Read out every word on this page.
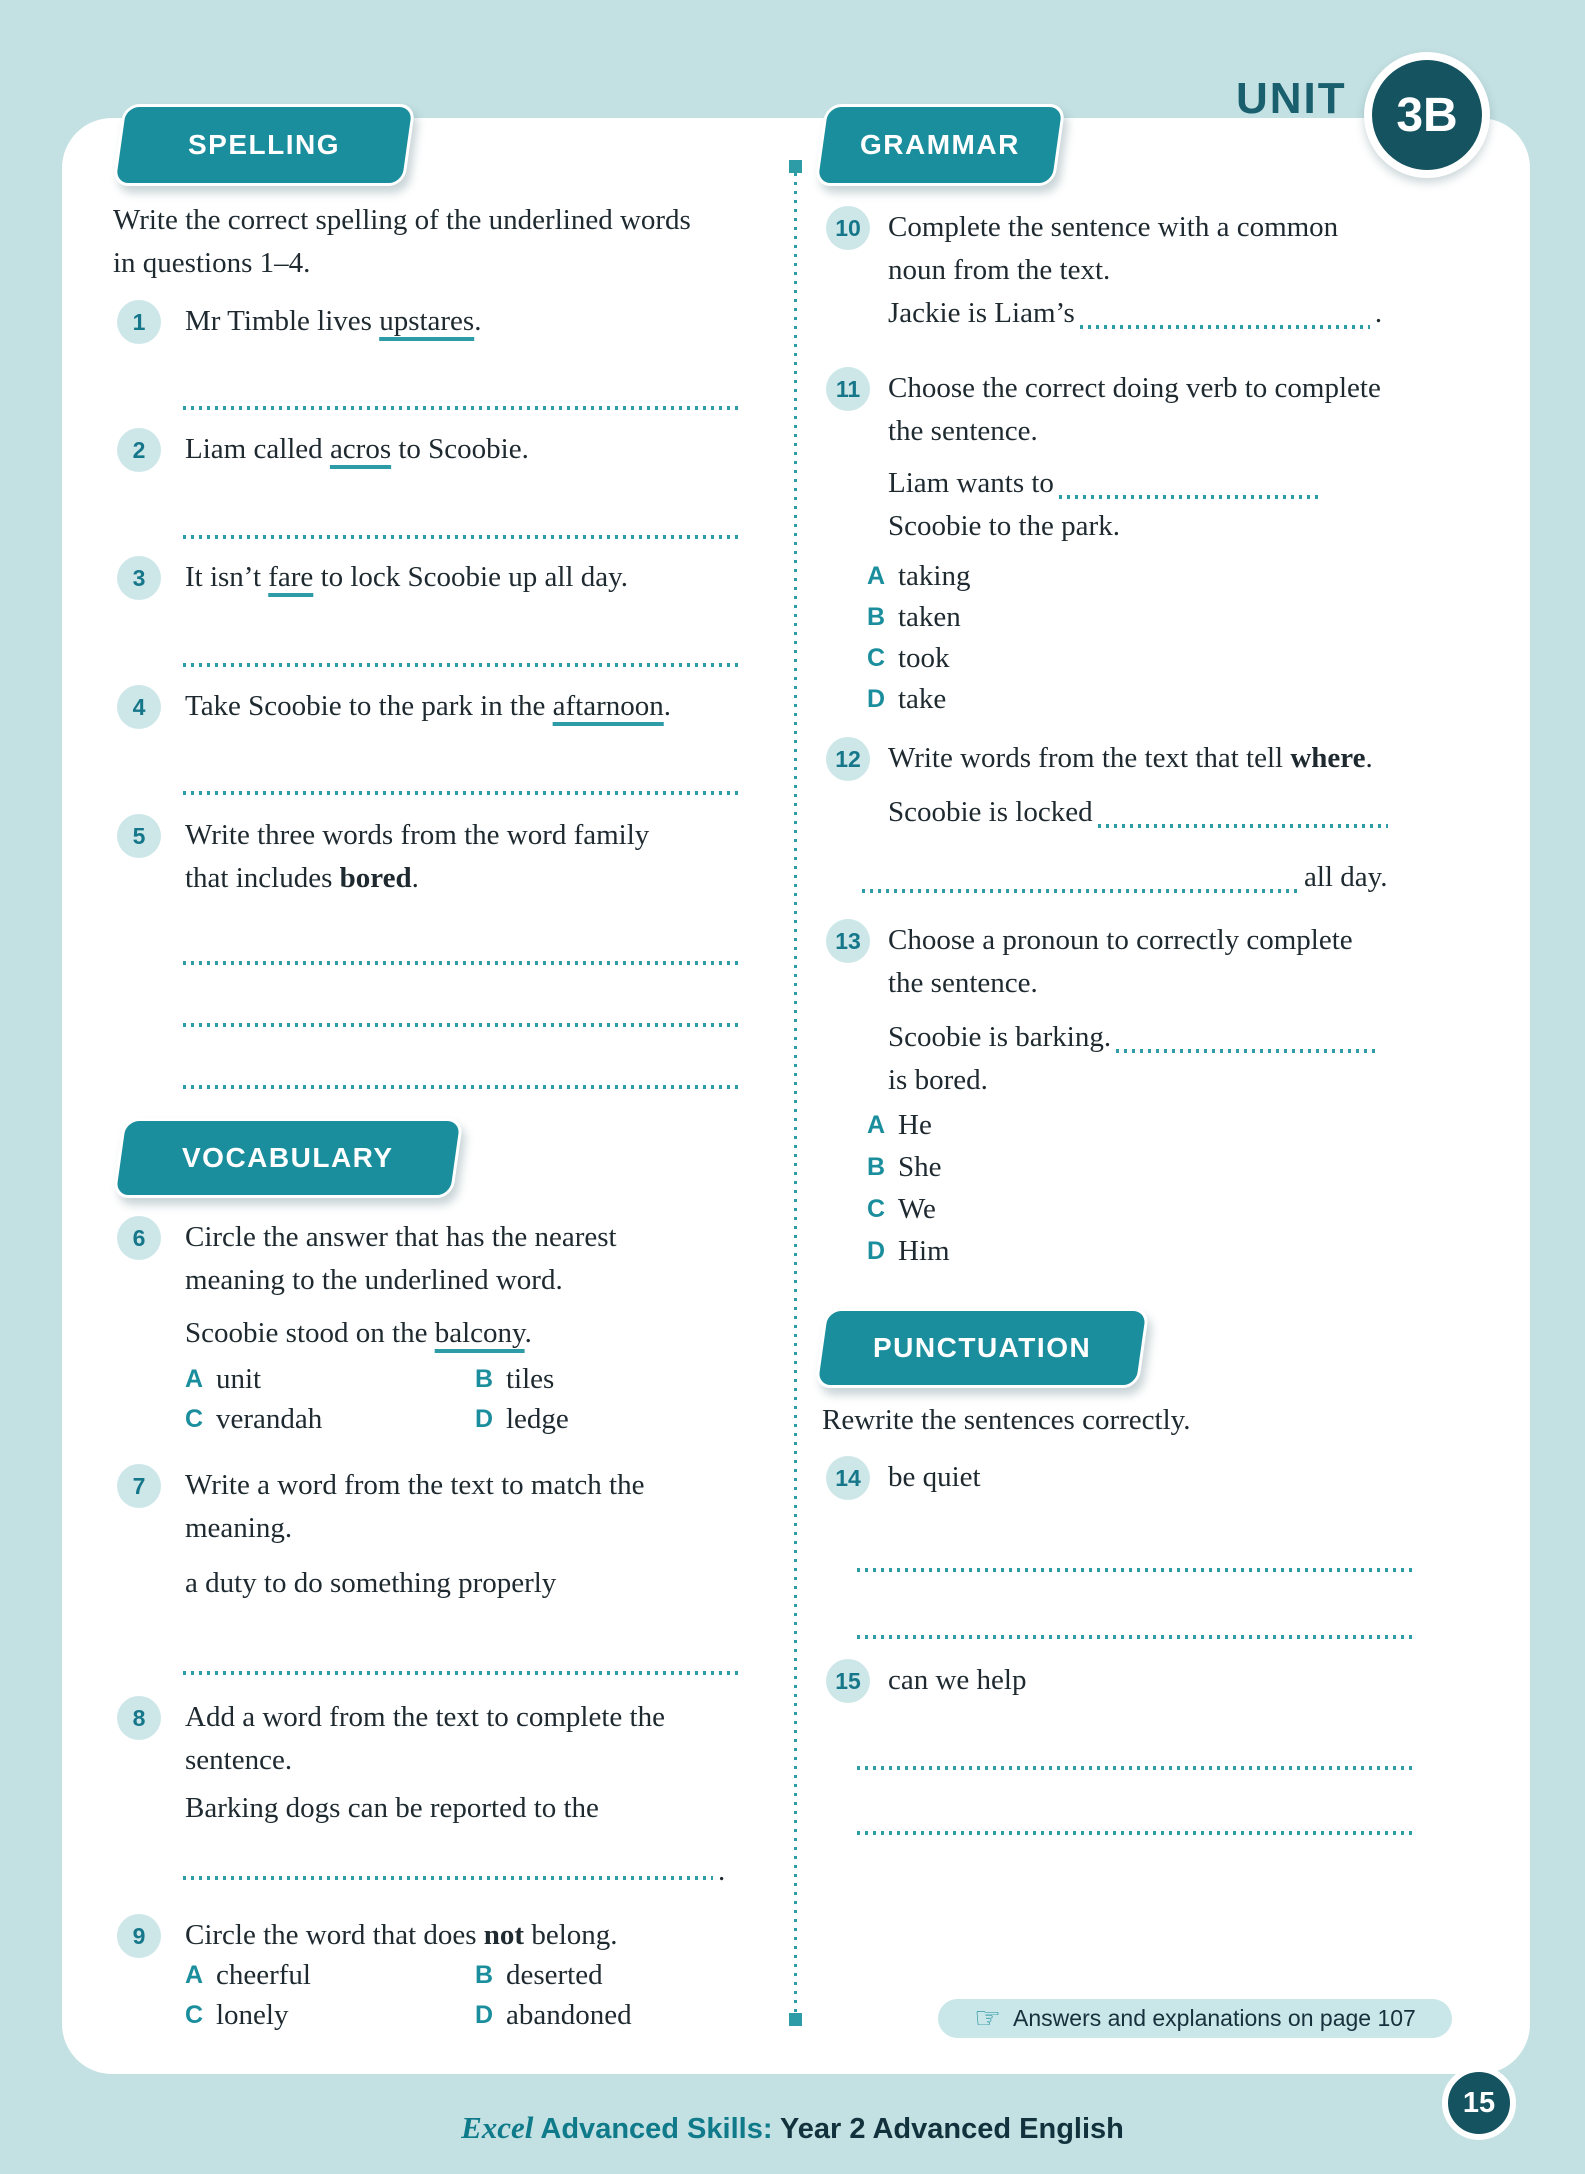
UNIT	3B
SPELLING
Write the correct spelling of the underlined words in questions 1–4.
1	Mr Timble lives upstares.
2	Liam called acros to Scoobie.
3	It isn’t fare to lock Scoobie up all day.
4	Take Scoobie to the park in the aftarnoon.
5	Write three words from the word family
that includes bored.
VOCABULARY
6	Circle the answer that has the nearest
meaning to the underlined word.
Scoobie stood on the balcony.
A unit	B tiles
C verandah	D ledge
7	Write a word from the text to match the
meaning.
a duty to do something properly
8	Add a word from the text to complete the
sentence.
Barking dogs can be reported to the
.
9	Circle the word that does not belong.
A cheerful	B deserted
C lonely	D abandoned
GRAMMAR
10 Complete the sentence with a common
noun from the text.
Jackie is Liam’s	.
11 Choose the correct doing verb to complete
the sentence.
Liam wants to
Scoobie to the park.
A taking
B taken
C took
D take
12 Write words from the text that tell where.
Scoobie is locked
all day.
13 Choose a pronoun to correctly complete
the sentence.
Scoobie is barking.
is bored.
A He
B She
C We
D Him
PUNCTUATION
Rewrite the sentences correctly.
14 be quiet
15 can we help
☞ Answers and explanations on page 107
Excel Advanced Skills: Year 2 Advanced English
15
